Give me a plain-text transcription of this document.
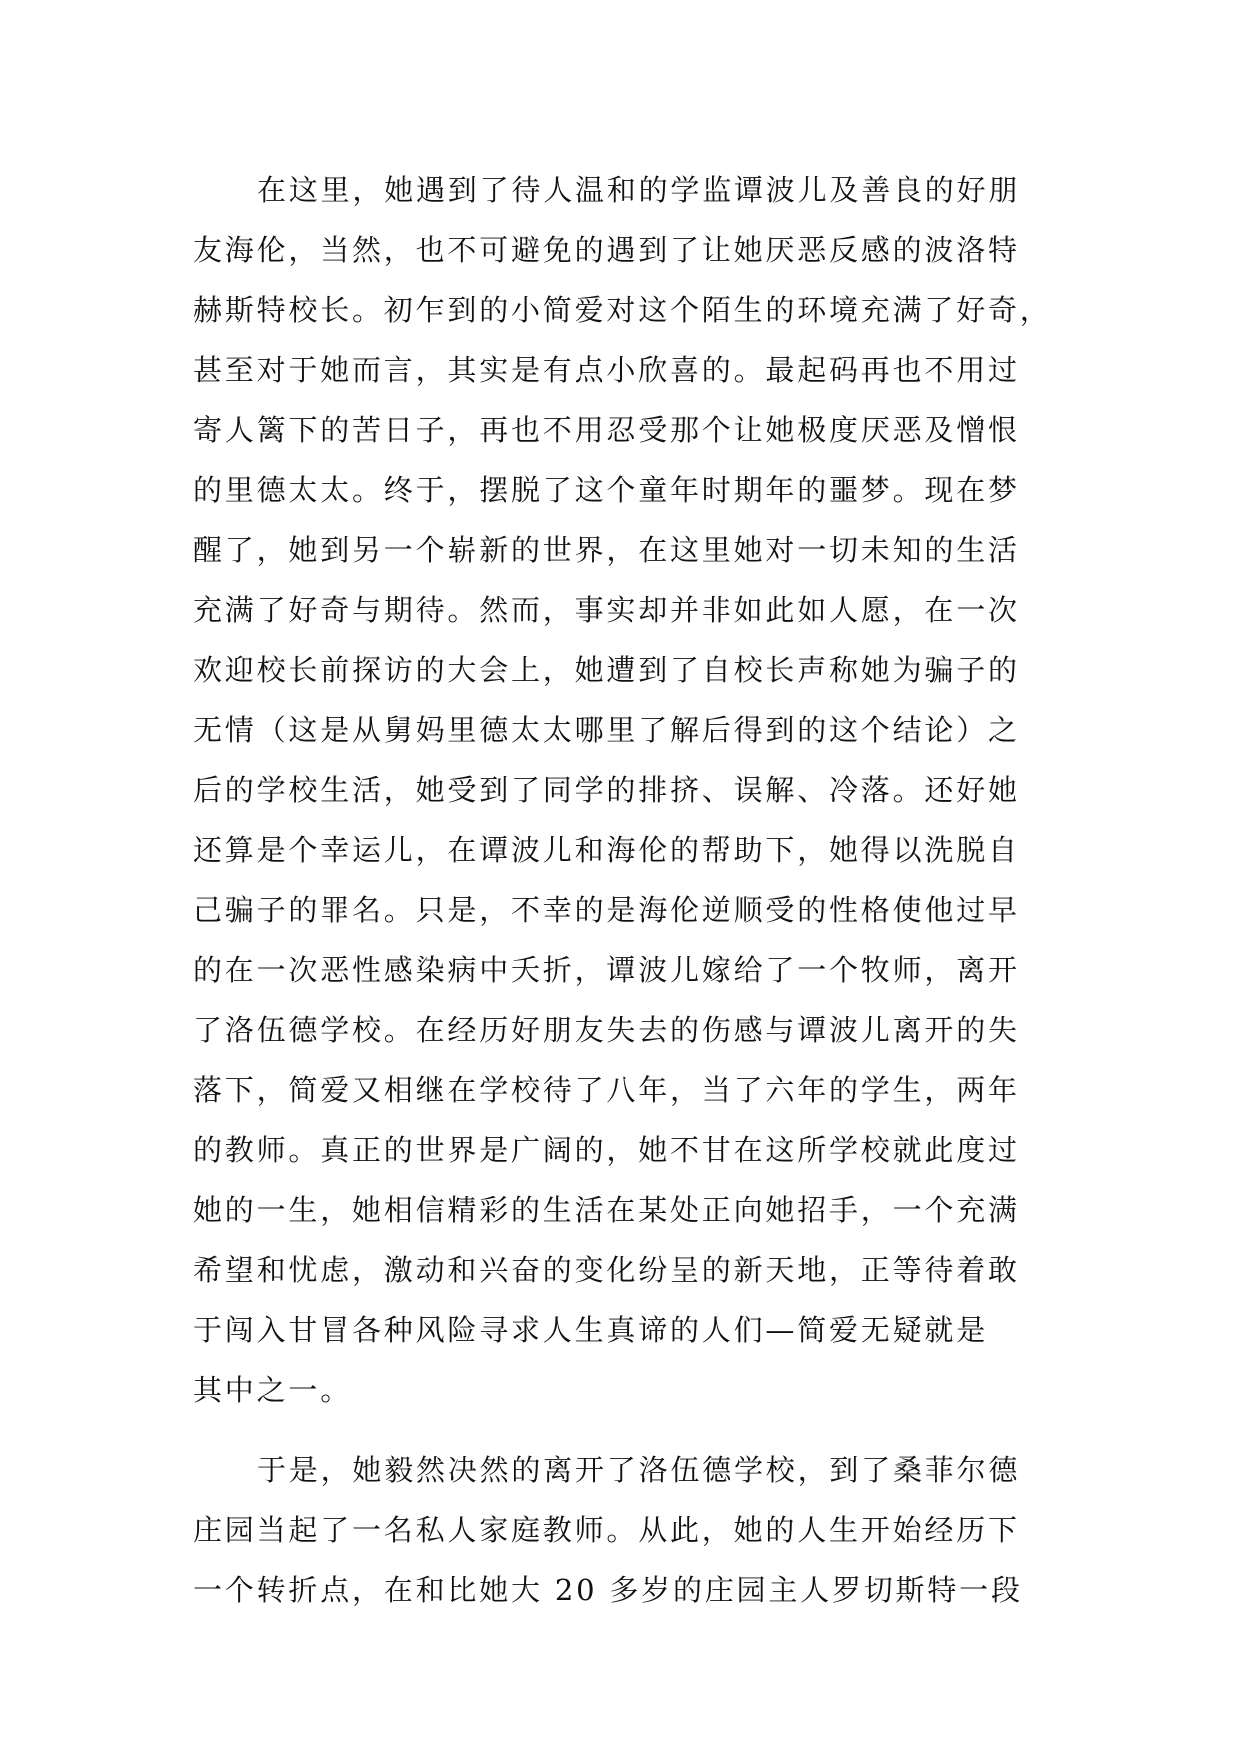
在这里，她遇到了待人温和的学监谭波儿及善良的好朋
友海伦，当然，也不可避免的遇到了让她厌恶反感的波洛特
赫斯特校长。初乍到的小简爱对这个陌生的环境充满了好奇，
甚至对于她而言，其实是有点小欣喜的。最起码再也不用过
寄人篱下的苦日子，再也不用忍受那个让她极度厌恶及憎恨
的里德太太。终于，摆脱了这个童年时期年的噩梦。现在梦
醒了，她到另一个崭新的世界，在这里她对一切未知的生活
充满了好奇与期待。然而，事实却并非如此如人愿，在一次
欢迎校长前探访的大会上，她遭到了自校长声称她为骗子的
无情（这是从舅妈里德太太哪里了解后得到的这个结论）之
后的学校生活，她受到了同学的排挤、误解、冷落。还好她
还算是个幸运儿，在谭波儿和海伦的帮助下，她得以洗脱自
己骗子的罪名。只是，不幸的是海伦逆顺受的性格使他过早
的在一次恶性感染病中夭折，谭波儿嫁给了一个牧师，离开
了洛伍德学校。在经历好朋友失去的伤感与谭波儿离开的失
落下，简爱又相继在学校待了八年，当了六年的学生，两年
的教师。真正的世界是广阔的，她不甘在这所学校就此度过
她的一生，她相信精彩的生活在某处正向她招手，一个充满
希望和忧虑，激动和兴奋的变化纷呈的新天地，正等待着敢
于闯入甘冒各种风险寻求人生真谛的人们—简爱无疑就是
其中之一。
于是，她毅然决然的离开了洛伍德学校，到了桑菲尔德
庄园当起了一名私人家庭教师。从此，她的人生开始经历下
一个转折点，在和比她大 20 多岁的庄园主人罗切斯特一段
